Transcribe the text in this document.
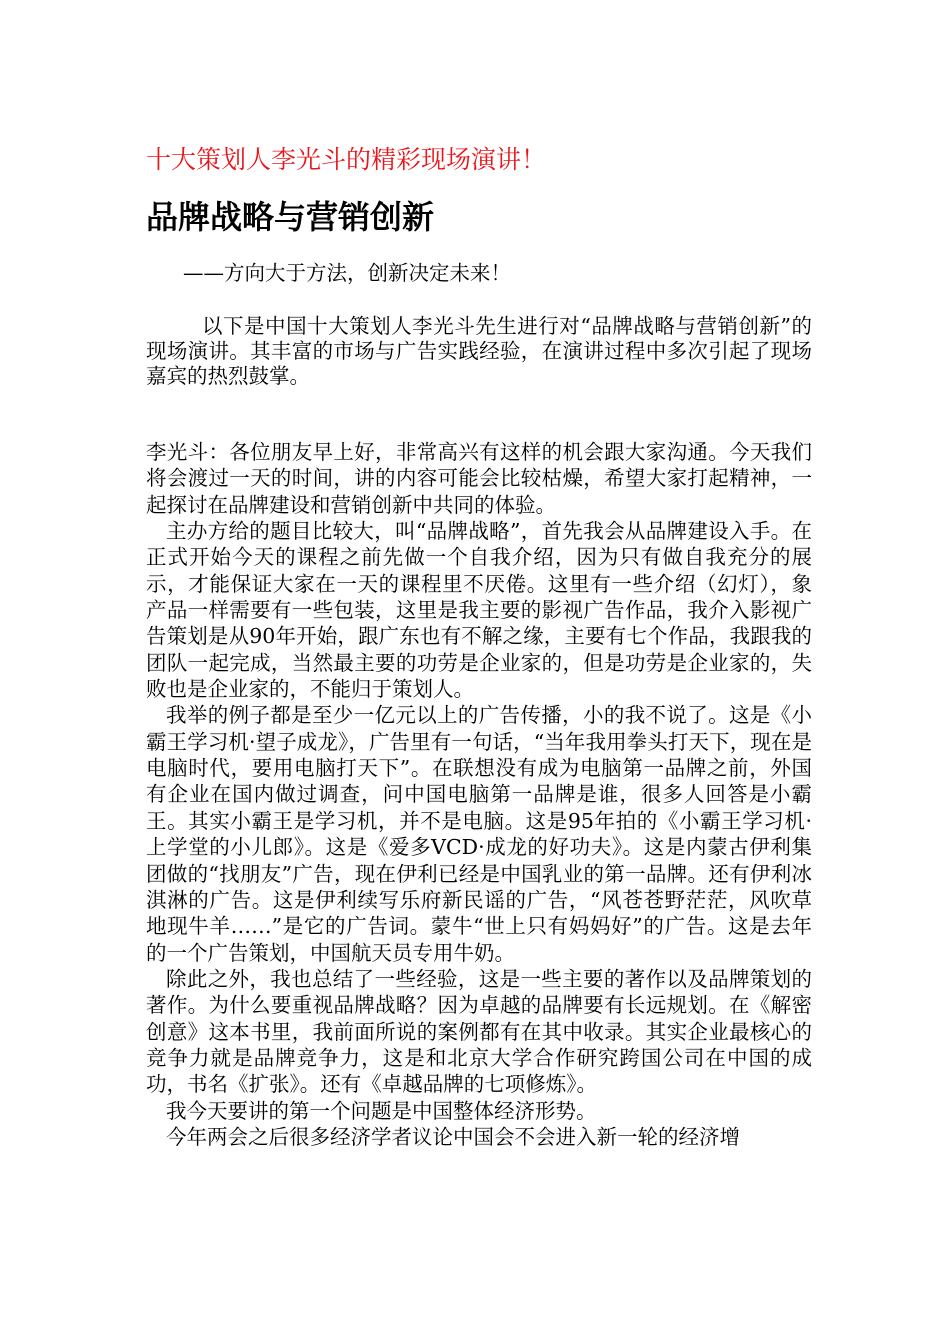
十大策划人李光斗的精彩现场演讲！
品牌战略与营销创新
——方向大于方法，创新决定未来！

以下是中国十大策划人李光斗先生进行对“品牌战略与营销创新”的现场演讲。其丰富的市场与广告实践经验，在演讲过程中多次引起了现场嘉宾的热烈鼓掌。

李光斗：各位朋友早上好，非常高兴有这样的机会跟大家沟通。今天我们将会渡过一天的时间，讲的内容可能会比较枯燥，希望大家打起精神，一起探讨在品牌建设和营销创新中共同的体验。

主办方给的题目比较大，叫“品牌战略”，首先我会从品牌建设入手。在正式开始今天的课程之前先做一个自我介绍，因为只有做自我充分的展示，才能保证大家在一天的课程里不厌倦。这里有一些介绍（幻灯），象产品一样需要有一些包装，这里是我主要的影视广告作品，我介入影视广告策划是从90年开始，跟广东也有不解之缘，主要有七个作品，我跟我的团队一起完成，当然最主要的功劳是企业家的，但是功劳是企业家的，失败也是企业家的，不能归于策划人。

我举的例子都是至少一亿元以上的广告传播，小的我不说了。这是《小霸王学习机·望子成龙》，广告里有一句话，“当年我用拳头打天下，现在是电脑时代，要用电脑打天下”。在联想没有成为电脑第一品牌之前，外国有企业在国内做过调查，问中国电脑第一品牌是谁，很多人回答是小霸王。其实小霸王是学习机，并不是电脑。这是95年拍的《小霸王学习机·上学堂的小儿郎》。这是《爱多VCD·成龙的好功夫》。这是内蒙古伊利集团做的“找朋友”广告，现在伊利已经是中国乳业的第一品牌。还有伊利冰淇淋的广告。这是伊利续写乐府新民谣的广告，“风苍苍野茫茫，风吹草地现牛羊……”是它的广告词。蒙牛“世上只有妈妈好”的广告。这是去年的一个广告策划，中国航天员专用牛奶。

除此之外，我也总结了一些经验，这是一些主要的著作以及品牌策划的著作。为什么要重视品牌战略？因为卓越的品牌要有长远规划。在《解密创意》这本书里，我前面所说的案例都有在其中收录。其实企业最核心的竞争力就是品牌竞争力，这是和北京大学合作研究跨国公司在中国的成功，书名《扩张》。还有《卓越品牌的七项修炼》。

我今天要讲的第一个问题是中国整体经济形势。

今年两会之后很多经济学者议论中国会不会进入新一轮的经济增
